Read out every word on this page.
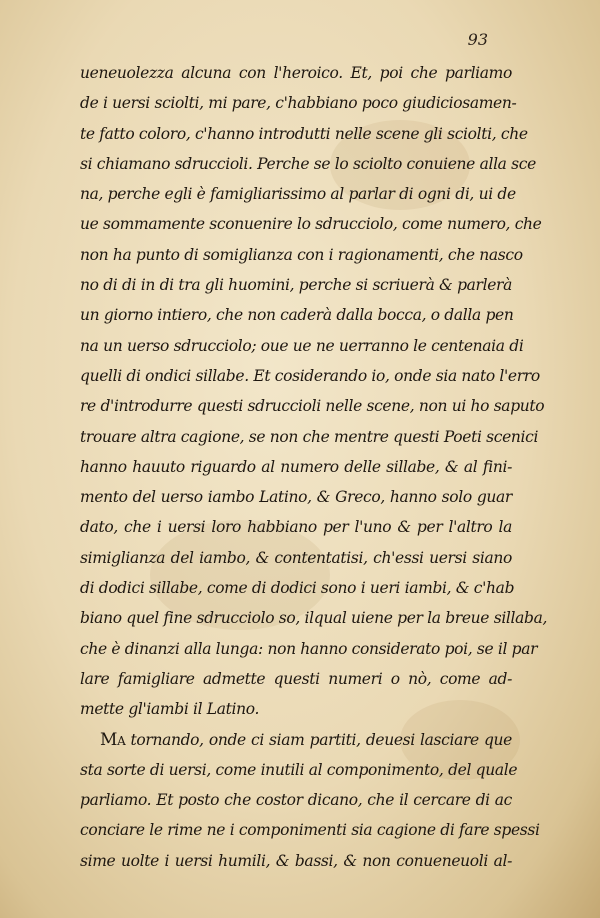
93
ueneuolezza alcuna con l'heroico. Et, poi che parliamo
de i uersi sciolti, mi pare, c'habbiano poco giudiciosamen-
te fatto coloro, c'hanno introdutti nelle scene gli sciolti, che
si chiamano sdruccioli. Perche se lo sciolto conuiene alla sce
na, perche egli è famigliarissimo al parlar di ogni di, ui de
ue sommamente sconuenire lo sdrucciolo, come numero, che
non ha punto di somiglianza con i ragionamenti, che nasco
no di di in di tra gli huomini, perche si scriuerà & parlerà
un giorno intiero, che non caderà dalla bocca, o dalla pen
na un uerso sdrucciolo; oue ue ne uerranno le centenaia di
quelli di ondici sillabe. Et cosiderando io, onde sia nato l'erro
re d'introdurre questi sdruccioli nelle scene, non ui ho saputo
trouare altra cagione, se non che mentre questi Poeti scenici
hanno hauuto riguardo al numero delle sillabe, & al fini-
mento del uerso iambo Latino, & Greco, hanno solo guar
dato, che i uersi loro habbiano per l'uno & per l'altro la
simiglianza del iambo, & contentatisi, ch'essi uersi siano
di dodici sillabe, come di dodici sono i ueri iambi, & c'hab
biano quel fine sdrucciolo so, ilqual uiene per la breue sillaba,
che è dinanzi alla lunga: non hanno considerato poi, se il par
lare famigliare admette questi numeri o nò, come ad-
mette gl'iambi il Latino.
MA tornando, onde ci siam partiti, deuesi lasciare que
sta sorte di uersi, come inutili al componimento, del quale
parliamo. Et posto che costor dicano, che il cercare di ac
conciare le rime ne i componimenti sia cagione di fare spessi
sime uolte i uersi humili, & bassi, & non conueneuoli al-
